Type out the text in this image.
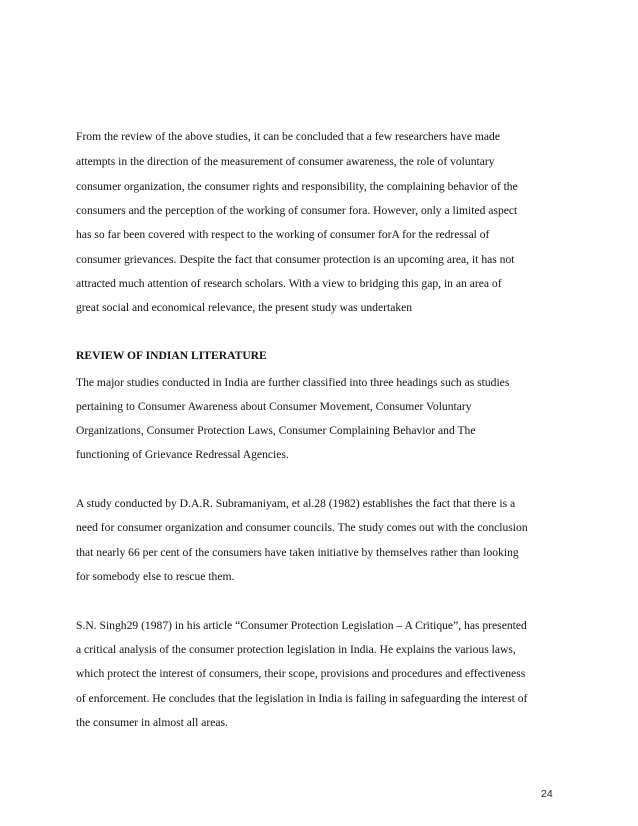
From the review of the above studies, it can be concluded that a few researchers have made

attempts in the direction of the measurement of consumer awareness, the role of voluntary

consumer organization, the consumer rights and responsibility, the complaining behavior of the

consumers and the perception of the working of consumer fora. However, only a limited aspect

has so far been covered with respect to the working of consumer forA for the redressal of

consumer grievances. Despite the fact that consumer protection is an upcoming area, it has not

attracted much attention of research scholars. With a view to bridging this gap, in an area of

great social and economical relevance, the present study was undertaken

REVIEW OF INDIAN LITERATURE

The major studies conducted in India are further classified into three headings such as studies

pertaining to Consumer Awareness about Consumer Movement, Consumer Voluntary

Organizations, Consumer Protection Laws, Consumer Complaining Behavior and The

functioning of Grievance Redressal Agencies.

A study conducted by D.A.R. Subramaniyam, et al.28 (1982) establishes the fact that there is a

need for consumer organization and consumer councils. The study comes out with the conclusion

that nearly 66 per cent of the consumers have taken initiative by themselves rather than looking

for somebody else to rescue them.

S.N. Singh29 (1987) in his article “Consumer Protection Legislation – A Critique”, has presented

a critical analysis of the consumer protection legislation in India. He explains the various laws,

which protect the interest of consumers, their scope, provisions and procedures and effectiveness

of enforcement. He concludes that the legislation in India is failing in safeguarding the interest of

the consumer in almost all areas.

24
